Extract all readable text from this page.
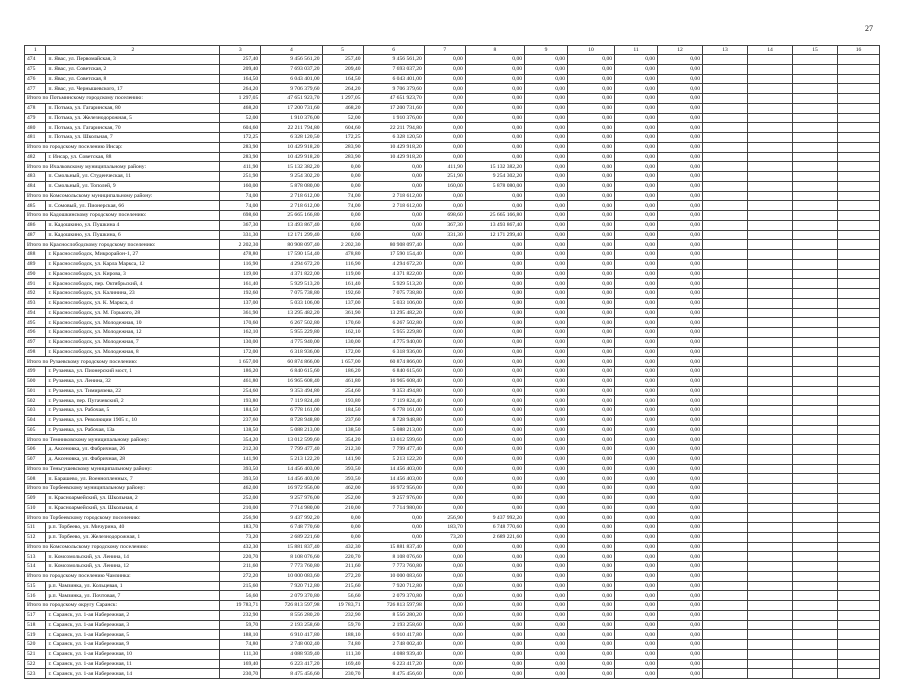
27
1	2	3	4	5	6	7	8	9	10	11	12	13	14	15	16
474	п. Явас, ул. Первомайская, 3	257,40	9 456 561,20	257,40	9 456 561,20	0,00	0,00	0,00	0,00	0,00	0,00				
475	п. Явас, ул. Советская, 2	209,40	7 693 037,20	209,40	7 693 037,20	0,00	0,00	0,00	0,00	0,00	0,00				
476	п. Явас, ул. Советская, 8	164,50	6 043 401,00	164,50	6 043 401,00	0,00	0,00	0,00	0,00	0,00	0,00				
477	п. Явас, ул. Чернышевского, 17	264,20	9 706 379,60	264,20	9 706 379,60	0,00	0,00	0,00	0,00	0,00	0,00				
Итого по Потьминскому городскому поселению:		1 297,05	47 651 923,70	1 297,05	47 651 923,70	0,00	0,00	0,00	0,00	0,00	0,00				
478	п. Потьма, ул. Гагаринская, 80	468,20	17 200 731,60	468,20	17 200 731,60	0,00	0,00	0,00	0,00	0,00	0,00				
479	п. Потьма, ул. Железнодорожная, 5	52,00	1 910 376,00	52,00	1 910 376,00	0,00	0,00	0,00	0,00	0,00	0,00				
480	п. Потьма, ул. Гагаринская, 70	604,60	22 211 794,80	604,60	22 211 794,80	0,00	0,00	0,00	0,00	0,00	0,00				
481	п. Потьма, ул. Школьная, 7	172,25	6 328 120,50	172,25	6 328 120,50	0,00	0,00	0,00	0,00	0,00	0,00				
Итого по городскому поселению Инсар:		283,90	10 429 918,20	283,90	10 429 918,20	0,00	0,00	0,00	0,00	0,00	0,00				
482	г. Инсар, ул. Советская, 88	283,90	10 429 918,20	283,90	10 429 918,20	0,00	0,00	0,00	0,00	0,00	0,00				
Итого по Ичалковскому муниципальному району:		411,90	15 132 382,20	0,00	0,00	411,90	15 132 382,20	0,00	0,00	0,00	0,00				
483	п. Смольный, ул. Студенческая, 11	251,90	9 254 302,20	0,00	0,00	251,90	9 254 302,20	0,00	0,00	0,00	0,00				
484	п. Смольный, ул. Тополей, 9	160,00	5 878 080,00	0,00	0,00	160,00	5 878 080,00	0,00	0,00	0,00	0,00				
Итого по Комсомольскому муниципальному району:		74,00	2 718 612,00	74,00	2 718 612,00	0,00	0,00	0,00	0,00	0,00	0,00				
485	п. Сомовый, ул. Пионерская, 66	74,00	2 718 612,00	74,00	2 718 612,00	0,00	0,00	0,00	0,00	0,00	0,00				
Итого по Кадошкинскому городскому поселению:		698,60	25 665 166,80	0,00	0,00	698,60	25 665 166,80	0,00	0,00	0,00	0,00				
486	п. Кадошкино, ул. Пушкина 4	367,30	13 493 867,40	0,00	0,00	367,30	13 493 867,40	0,00	0,00	0,00	0,00				
487	п. Кадошкино, ул. Пушкина, 6	331,30	12 171 299,40	0,00	0,00	331,30	12 171 299,40	0,00	0,00	0,00	0,00				
Итого по Краснослободскому городскому поселению:		2 202,30	80 908 097,40	2 202,30	80 908 097,40	0,00	0,00	0,00	0,00	0,00	0,00				
488	г. Краснослободск, Микрорайон-1, 27	478,80	17 590 154,40	478,80	17 590 154,40	0,00	0,00	0,00	0,00	0,00	0,00				
489	г. Краснослободск, ул. Карла Маркса, 12	116,90	4 294 672,20	116,90	4 294 672,20	0,00	0,00	0,00	0,00	0,00	0,00				
490	г. Краснослободск, ул. Кирова, 3	119,00	4 371 822,00	119,00	4 371 822,00	0,00	0,00	0,00	0,00	0,00	0,00				
491	г. Краснослободск, пер. Октябрьский, 4	161,40	5 929 513,20	161,40	5 929 513,20	0,00	0,00	0,00	0,00	0,00	0,00				
492	г. Краснослободск, ул. Калинина, 23	192,60	7 075 738,80	192,60	7 075 738,80	0,00	0,00	0,00	0,00	0,00	0,00				
493	г. Краснослободск, ул. К. Маркса, 4	137,00	5 033 106,00	137,00	5 033 106,00	0,00	0,00	0,00	0,00	0,00	0,00				
494	г. Краснослободск, ул. М. Горького, 28	361,90	13 295 482,20	361,90	13 295 482,20	0,00	0,00	0,00	0,00	0,00	0,00				
495	г. Краснослободск, ул. Молодежная, 10	170,60	6 267 502,80	170,60	6 267 502,80	0,00	0,00	0,00	0,00	0,00	0,00				
496	г. Краснослободск, ул. Молодежная, 12	162,10	5 955 229,80	162,10	5 955 229,80	0,00	0,00	0,00	0,00	0,00	0,00				
497	г. Краснослободск, ул. Молодежная, 7	130,00	4 775 940,00	130,00	4 775 940,00	0,00	0,00	0,00	0,00	0,00	0,00				
498	г. Краснослободск, ул. Молодежная, 8	172,00	6 318 936,00	172,00	6 318 936,00	0,00	0,00	0,00	0,00	0,00	0,00				
Итого по Рузаевскому городскому поселению:		1 657,00	60 874 866,00	1 657,00	60 874 866,00	0,00	0,00	0,00	0,00	0,00	0,00				
499	г. Рузаевка, ул. Пионерский мост, 1	186,20	6 840 615,60	186,20	6 840 615,60	0,00	0,00	0,00	0,00	0,00	0,00				
500	г. Рузаевка, ул. Ленина, 32	461,80	16 965 608,40	461,80	16 965 608,40	0,00	0,00	0,00	0,00	0,00	0,00				
501	г. Рузаевка, ул. Тимирязева, 22	254,60	9 353 494,80	254,60	9 353 494,80	0,00	0,00	0,00	0,00	0,00	0,00				
502	г. Рузаевка, пер. Пугачевский, 2	193,80	7 119 824,40	193,80	7 119 824,40	0,00	0,00	0,00	0,00	0,00	0,00				
503	г. Рузаевка, ул. Рабочая, 5	184,50	6 778 161,00	184,50	6 778 161,00	0,00	0,00	0,00	0,00	0,00	0,00				
504	г. Рузаевка, ул. Революции 1905 г., 10	237,60	8 728 948,80	237,60	8 728 948,80	0,00	0,00	0,00	0,00	0,00	0,00				
505	г. Рузаевка, ул. Рабочая, 13а	138,50	5 088 213,00	138,50	5 088 213,00	0,00	0,00	0,00	0,00	0,00	0,00				
Итого по Темниковскому муниципальному району:		354,20	13 012 599,60	354,20	13 012 599,60	0,00	0,00	0,00	0,00	0,00	0,00				
506	д. Аксеновка, ул. Фабричная, 26	212,30	7 799 477,40	212,30	7 799 477,40	0,00	0,00	0,00	0,00	0,00	0,00				
507	д. Аксеновка, ул. Фабричная, 28	141,90	5 213 122,20	141,90	5 213 122,20	0,00	0,00	0,00	0,00	0,00	0,00				
Итого по Теньгушевскому муниципальному району:		393,50	14 456 403,00	393,50	14 456 403,00	0,00	0,00	0,00	0,00	0,00	0,00				
508	п. Барашево, ул. Военнопленных, 7	393,50	14 456 403,00	393,50	14 456 403,00	0,00	0,00	0,00	0,00	0,00	0,00				
Итого по Торбеевскому муниципальному району:		462,00	16 972 956,00	462,00	16 972 956,00	0,00	0,00	0,00	0,00	0,00	0,00				
509	п. Красноармейский, ул. Школьная, 2	252,00	9 257 976,00	252,00	9 257 976,00	0,00	0,00	0,00	0,00	0,00	0,00				
510	п. Красноармейский, ул. Школьная, 4	210,00	7 714 980,00	210,00	7 714 980,00	0,00	0,00	0,00	0,00	0,00	0,00				
Итого по Торбеевскому городскому поселению:		256,90	9 437 992,20	0,00	0,00	256,90	9 437 992,20	0,00	0,00	0,00	0,00				
511	р.п. Торбеево, ул. Мичурина, 40	183,70	6 748 770,60	0,00	0,00	183,70	6 748 770,60	0,00	0,00	0,00	0,00				
512	р.п. Торбеево, ул. Железнодорожная, 1	73,20	2 689 221,60	0,00	0,00	73,20	2 689 221,60	0,00	0,00	0,00	0,00				
Итого по Комсомольскому городскому поселению:		432,30	15 881 837,40	432,30	15 881 837,40	0,00	0,00	0,00	0,00	0,00	0,00				
513	п. Комсомольский, ул. Ленина, 14	220,70	8 108 076,60	220,70	8 108 076,60	0,00	0,00	0,00	0,00	0,00	0,00				
514	п. Комсомольский, ул. Ленина, 12	211,60	7 773 760,80	211,60	7 773 760,80	0,00	0,00	0,00	0,00	0,00	0,00				
Итого по городскому поселению Чамзинка:		272,20	10 000 083,60	272,20	10 000 083,60	0,00	0,00	0,00	0,00	0,00	0,00				
515	р.п. Чамзинка, ул. Кольцевая, 1	215,60	7 920 712,80	215,60	7 920 712,80	0,00	0,00	0,00	0,00	0,00	0,00				
516	р.п. Чамзинка, ул. Почтовая, 7	56,60	2 079 370,80	56,60	2 079 370,80	0,00	0,00	0,00	0,00	0,00	0,00				
Итого по городскому округу Саранск:		19 783,71	726 813 597,98	19 783,71	726 813 597,98	0,00	0,00	0,00	0,00	0,00	0,00				
517	г. Саранск, ул. 1-ая Набережная, 2	232,90	8 556 280,20	232,90	8 556 280,20	0,00	0,00	0,00	0,00	0,00	0,00				
518	г. Саранск, ул. 1-ая Набережная, 3	59,70	2 193 258,60	59,70	2 193 258,60	0,00	0,00	0,00	0,00	0,00	0,00				
519	г. Саранск, ул. 1-ая Набережная, 5	188,10	6 910 417,80	188,10	6 910 417,80	0,00	0,00	0,00	0,00	0,00	0,00				
520	г. Саранск, ул. 1-ая Набережная, 9	74,80	2 748 002,40	74,80	2 748 002,40	0,00	0,00	0,00	0,00	0,00	0,00				
521	г. Саранск, ул. 1-ая Набережная, 10	111,30	4 088 939,40	111,30	4 088 939,40	0,00	0,00	0,00	0,00	0,00	0,00				
522	г. Саранск, ул. 1-ая Набережная, 11	169,40	6 223 417,20	169,40	6 223 417,20	0,00	0,00	0,00	0,00	0,00	0,00				
523	г. Саранск, ул. 1-ая Набережная, 14	230,70	8 475 456,60	230,70	8 475 456,60	0,00	0,00	0,00	0,00	0,00	0,00				
